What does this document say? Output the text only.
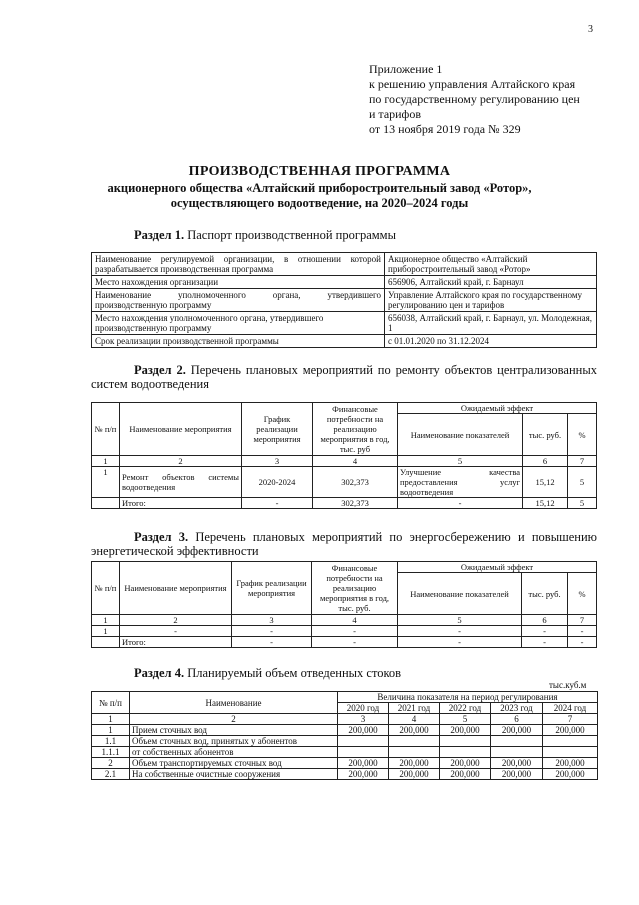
3
Приложение 1
к решению управления Алтайского края
по государственному регулированию цен
и тарифов
от 13 ноября 2019 года № 329
ПРОИЗВОДСТВЕННАЯ ПРОГРАММА
акционерного общества «Алтайский приборостроительный завод «Ротор»,
осуществляющего водоотведение, на 2020–2024 годы
Раздел 1. Паспорт производственной программы
Наименование регулируемой организации, в отношении которой разрабатывается производственная программа	Акционерное общество «Алтайский приборостроительный завод «Ротор»
Место нахождения организации	656906, Алтайский край, г. Барнаул
Наименование уполномоченного органа, утвердившего производственную программу	Управление Алтайского края по государственному регулированию цен и тарифов
Место нахождения уполномоченного органа, утвердившего производственную программу	656038, Алтайский край, г. Барнаул, ул. Молодежная, 1
Срок реализации производственной программы	с 01.01.2020 по 31.12.2024
Раздел 2. Перечень плановых мероприятий по ремонту объектов централизованных систем водоотведения
№ п/п	Наименование мероприятия	График реализации мероприятия	Финансовые потребности на реализацию мероприятия в год, тыс. руб	Ожидаемый эффект		
				Наименование показателей	тыс. руб.	%
1	2	3	4	5	6	7
1	Ремонт объектов системы водоотведения	2020-2024	302,373	Улучшение качества предоставления услуг водоотведения	15,12	5
	Итого:	-	302,373	-	15,12	5
Раздел 3. Перечень плановых мероприятий по энергосбережению и повышению энергетической эффективности
№ п/п	Наименование мероприятия	График реализации мероприятия	Финансовые потребности на реализацию мероприятия в год, тыс. руб.	Ожидаемый эффект		
				Наименование показателей	тыс. руб.	%
1	2	3	4	5	6	7
1	-	-	-	-	-	-
	Итого:	-	-	-	-	-
Раздел 4. Планируемый объем отведенных стоков
тыс.куб.м
№ п/п	Наименование	Величина показателя на период регулирования				
		2020 год	2021 год	2022 год	2023 год	2024 год
1	2	3	4	5	6	7
1	Прием сточных вод	200,000	200,000	200,000	200,000	200,000
1.1	Объем сточных вод, принятых у абонентов					
1.1.1	от собственных абонентов					
2	Объем транспортируемых сточных вод	200,000	200,000	200,000	200,000	200,000
2.1	На собственные очистные сооружения	200,000	200,000	200,000	200,000	200,000
